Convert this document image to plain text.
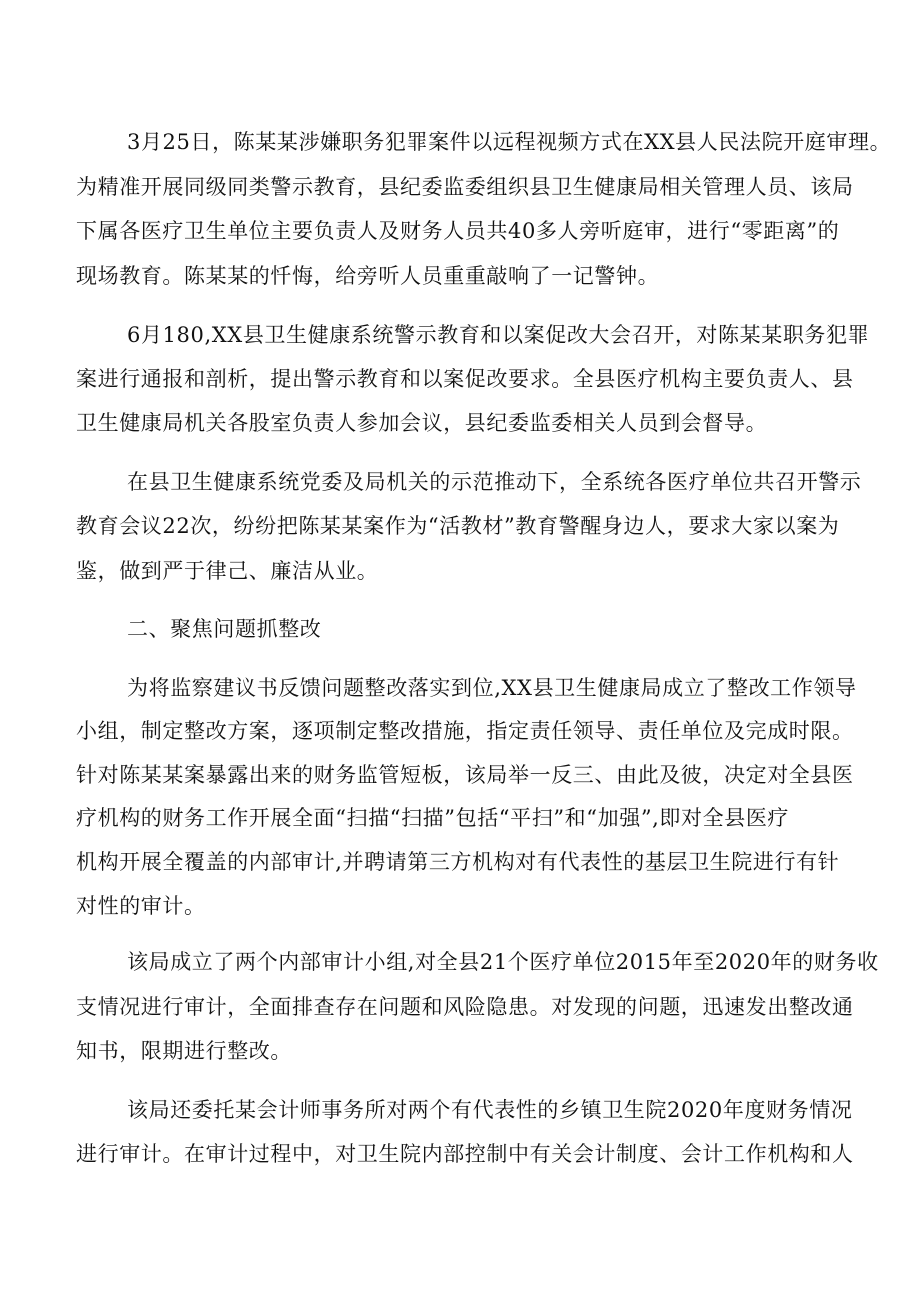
3月25日，陈某某涉嫌职务犯罪案件以远程视频方式在XX县人民法院开庭审理。
为精准开展同级同类警示教育，县纪委监委组织县卫生健康局相关管理人员、该局
下属各医疗卫生单位主要负责人及财务人员共40多人旁听庭审，进行“零距离”的
现场教育。陈某某的忏悔，给旁听人员重重敲响了一记警钟。
6月180,XX县卫生健康系统警示教育和以案促改大会召开，对陈某某职务犯罪
案进行通报和剖析，提出警示教育和以案促改要求。全县医疗机构主要负责人、县
卫生健康局机关各股室负责人参加会议，县纪委监委相关人员到会督导。
在县卫生健康系统党委及局机关的示范推动下，全系统各医疗单位共召开警示
教育会议22次，纷纷把陈某某案作为“活教材”教育警醒身边人，要求大家以案为
鉴，做到严于律己、廉洁从业。
二、聚焦问题抓整改
为将监察建议书反馈问题整改落实到位,XX县卫生健康局成立了整改工作领导
小组，制定整改方案，逐项制定整改措施，指定责任领导、责任单位及完成时限。
针对陈某某案暴露出来的财务监管短板，该局举一反三、由此及彼，决定对全县医
疗机构的财务工作开展全面“扫描“扫描”包括“平扫”和“加强”,即对全县医疗
机构开展全覆盖的内部审计,并聘请第三方机构对有代表性的基层卫生院进行有针
对性的审计。
该局成立了两个内部审计小组,对全县21个医疗单位2015年至2020年的财务收
支情况进行审计，全面排查存在问题和风险隐患。对发现的问题，迅速发出整改通
知书，限期进行整改。
该局还委托某会计师事务所对两个有代表性的乡镇卫生院2020年度财务情况
进行审计。在审计过程中，对卫生院内部控制中有关会计制度、会计工作机构和人
